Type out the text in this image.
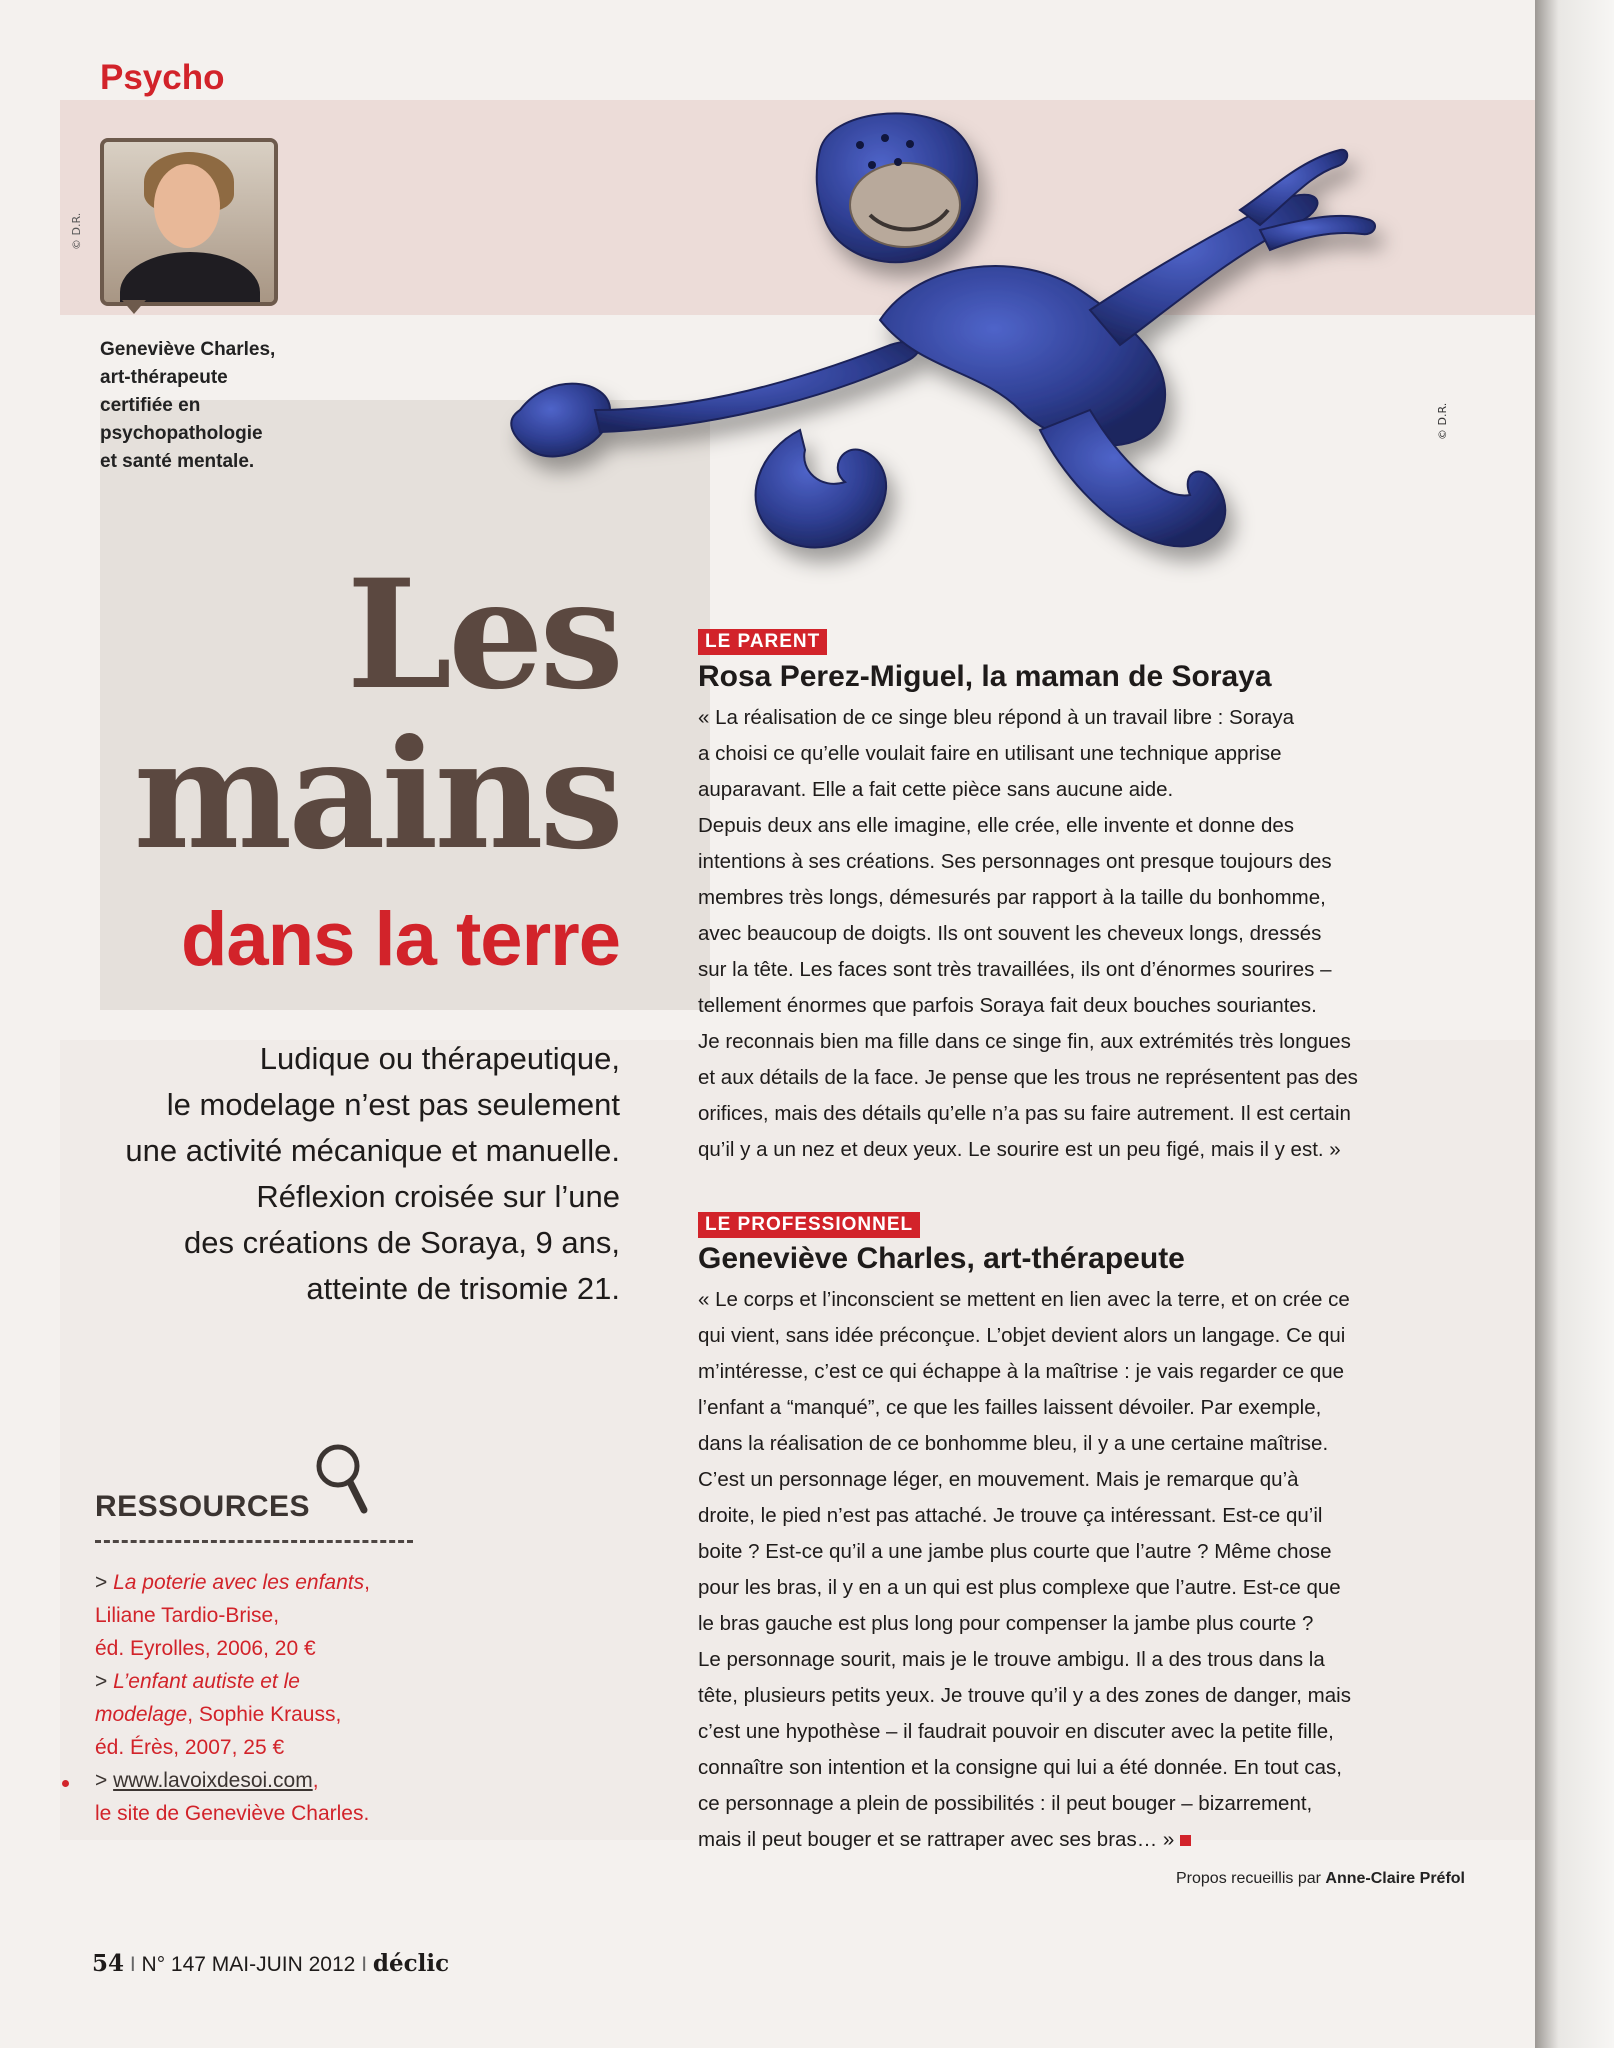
Psycho
© D.R.
Geneviève Charles,
art-thérapeute
certifiée en
psychopathologie
et santé mentale.
© D.R.
Les
mains
dans la terre
Ludique ou thérapeutique,
le modelage n’est pas seulement
une activité mécanique et manuelle.
Réflexion croisée sur l’une
des créations de Soraya, 9 ans,
atteinte de trisomie 21.
RESSOURCES
> La poterie avec les enfants,
Liliane Tardio-Brise,
éd. Eyrolles, 2006, 20 €
> L’enfant autiste et le
modelage, Sophie Krauss,
éd. Érès, 2007, 25 €
> www.lavoixdesoi.com,
le site de Geneviève Charles.

LE PARENT

Rosa Perez-Miguel, la maman de Soraya
« La réalisation de ce singe bleu répond à un travail libre : Soraya
a choisi ce qu’elle voulait faire en utilisant une technique apprise
auparavant. Elle a fait cette pièce sans aucune aide.
Depuis deux ans elle imagine, elle crée, elle invente et donne des
intentions à ses créations. Ses personnages ont presque toujours des
membres très longs, démesurés par rapport à la taille du bonhomme,
avec beaucoup de doigts. Ils ont souvent les cheveux longs, dressés
sur la tête. Les faces sont très travaillées, ils ont d’énormes sourires –
tellement énormes que parfois Soraya fait deux bouches souriantes.
Je reconnais bien ma fille dans ce singe fin, aux extrémités très longues
et aux détails de la face. Je pense que les trous ne représentent pas des
orifices, mais des détails qu’elle n’a pas su faire autrement. Il est certain
qu’il y a un nez et deux yeux. Le sourire est un peu figé, mais il y est. »

LE PROFESSIONNEL

Geneviève Charles, art-thérapeute
« Le corps et l’inconscient se mettent en lien avec la terre, et on crée ce
qui vient, sans idée préconçue. L’objet devient alors un langage. Ce qui
m’intéresse, c’est ce qui échappe à la maîtrise : je vais regarder ce que
l’enfant a “manqué”, ce que les failles laissent dévoiler. Par exemple,
dans la réalisation de ce bonhomme bleu, il y a une certaine maîtrise.
C’est un personnage léger, en mouvement. Mais je remarque qu’à
droite, le pied n’est pas attaché. Je trouve ça intéressant. Est-ce qu’il
boite ? Est-ce qu’il a une jambe plus courte que l’autre ? Même chose
pour les bras, il y en a un qui est plus complexe que l’autre. Est-ce que
le bras gauche est plus long pour compenser la jambe plus courte ?
Le personnage sourit, mais je le trouve ambigu. Il a des trous dans la
tête, plusieurs petits yeux. Je trouve qu’il y a des zones de danger, mais
c’est une hypothèse – il faudrait pouvoir en discuter avec la petite fille,
connaître son intention et la consigne qui lui a été donnée. En tout cas,
ce personnage a plein de possibilités : il peut bouger – bizarrement,
mais il peut bouger et se rattraper avec ses bras… »

Propos recueillis par Anne-Claire Préfol

54 I N° 147 MAI-JUIN 2012 I déclic
